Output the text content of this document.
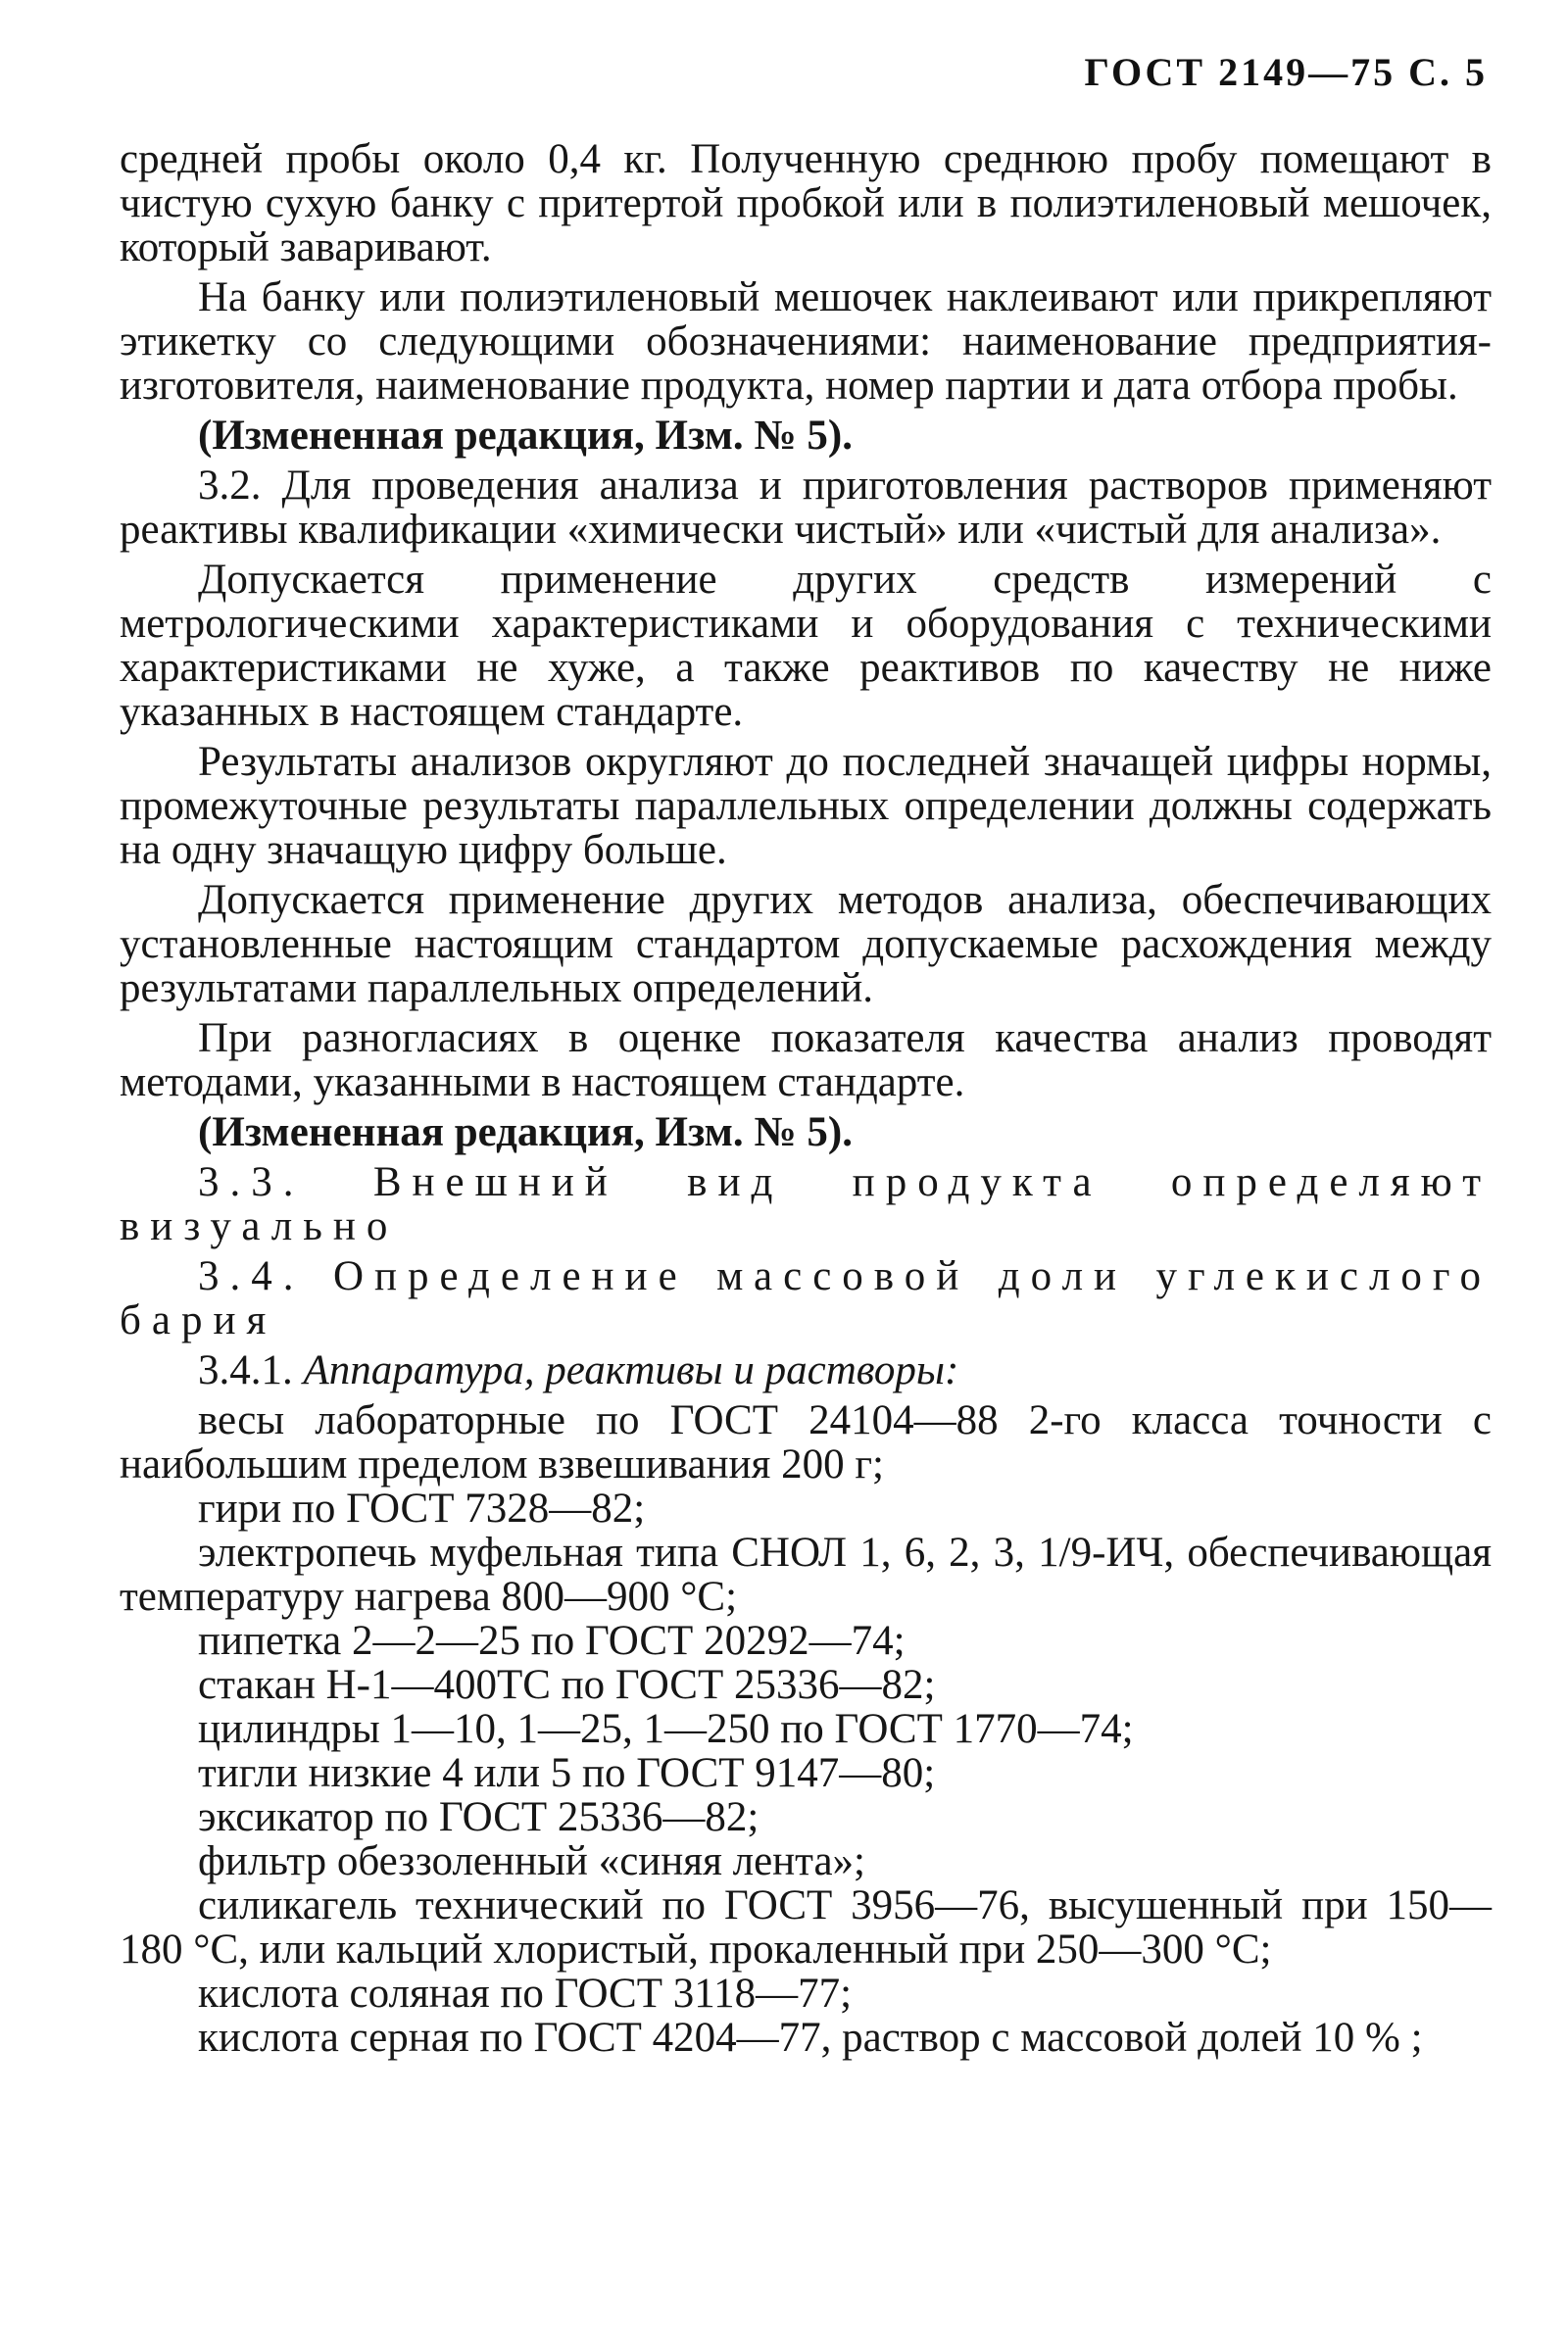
ГОСТ 2149—75 С. 5

средней пробы около 0,4 кг. Полученную среднюю пробу помещают в чистую сухую банку с притертой пробкой или в полиэтиленовый мешочек, который заваривают.

На банку или полиэтиленовый мешочек наклеивают или прикрепляют этикетку со следующими обозначениями: наименование предприятия-изготовителя, наименование продукта, номер партии и дата отбора пробы.

(Измененная редакция, Изм. № 5).

3.2. Для проведения анализа и приготовления растворов применяют реактивы квалификации «химически чистый» или «чистый для анализа».

Допускается применение других средств измерений с метрологическими характеристиками и оборудования с техническими характеристиками не хуже, а также реактивов по качеству не ниже указанных в настоящем стандарте.

Результаты анализов округляют до последней значащей цифры нормы, промежуточные результаты параллельных определении должны содержать на одну значащую цифру больше.

Допускается применение других методов анализа, обеспечивающих установленные настоящим стандартом допускаемые расхождения между результатами параллельных определений.

При разногласиях в оценке показателя качества анализ проводят методами, указанными в настоящем стандарте.

(Измененная редакция, Изм. № 5).

3.3. Внешний вид продукта определяют визуально

3.4. Определение массовой доли углекислого бария

3.4.1. Аппаратура, реактивы и растворы:

весы лабораторные по ГОСТ 24104—88 2-го класса точности с наибольшим пределом взвешивания 200 г;

гири по ГОСТ 7328—82;

электропечь муфельная типа СНОЛ 1, 6, 2, 3, 1/9-ИЧ, обеспечивающая температуру нагрева 800—900 °С;

пипетка 2—2—25 по ГОСТ 20292—74;

стакан Н-1—400ТС по ГОСТ 25336—82;

цилиндры 1—10, 1—25, 1—250 по ГОСТ 1770—74;

тигли низкие 4 или 5 по ГОСТ 9147—80;

эксикатор по ГОСТ 25336—82;

фильтр обеззоленный «синяя лента»;

силикагель технический по ГОСТ 3956—76, высушенный при 150—180 °С, или кальций хлористый, прокаленный при 250—300 °С;

кислота соляная по ГОСТ 3118—77;

кислота серная по ГОСТ 4204—77, раствор с массовой долей 10 % ;
